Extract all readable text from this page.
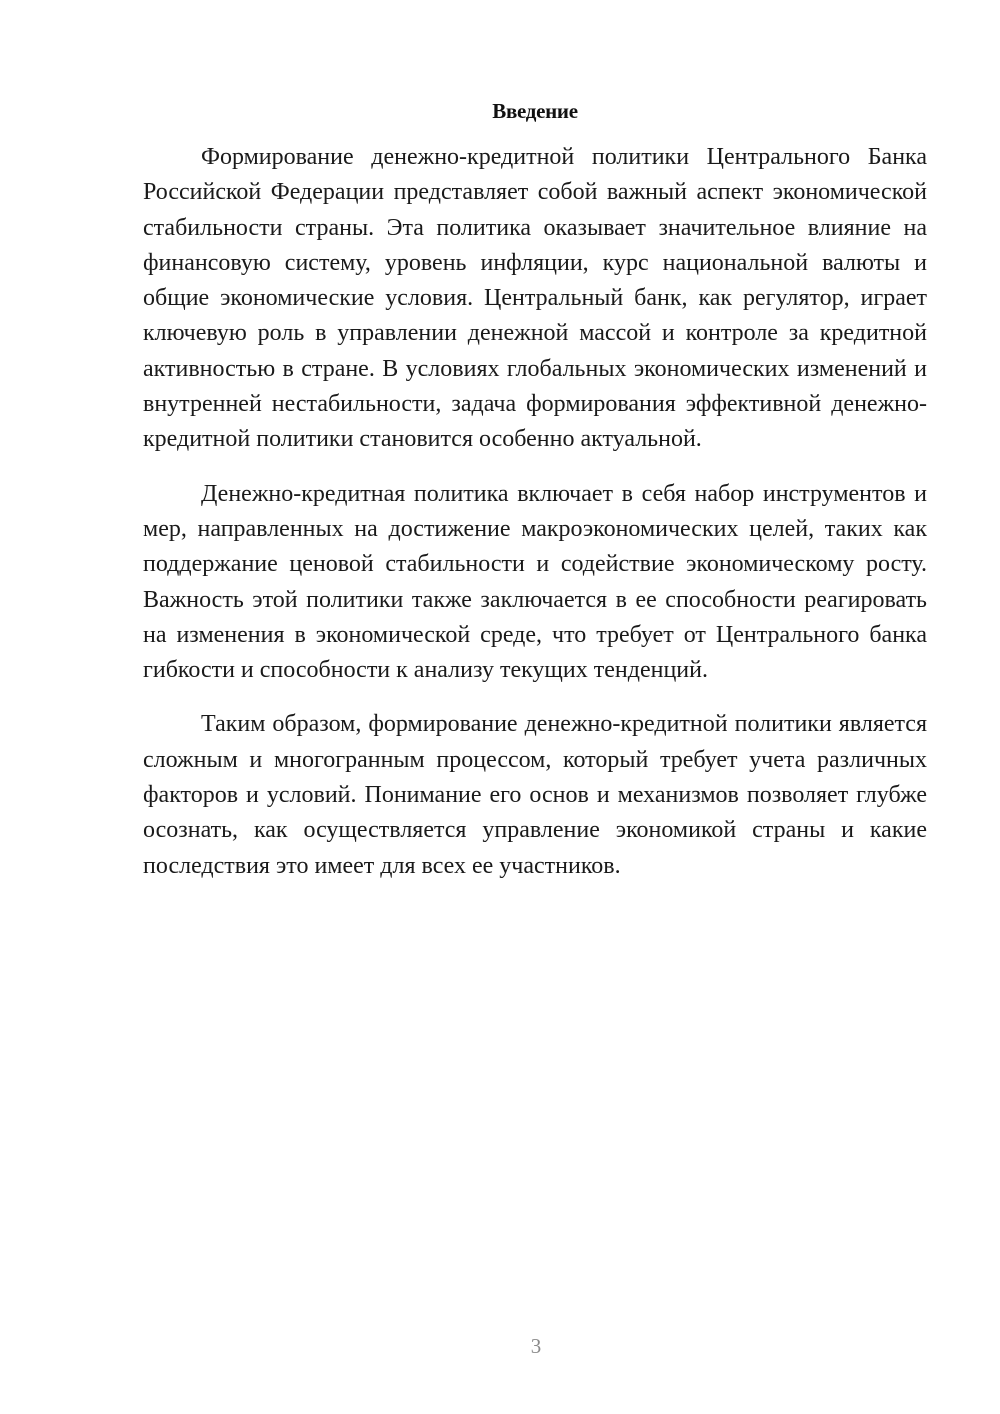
Введение

Формирование денежно-кредитной политики Центрального Банка Российской Федерации представляет собой важный аспект экономической стабильности страны. Эта политика оказывает значительное влияние на финансовую систему, уровень инфляции, курс национальной валюты и общие экономические условия. Центральный банк, как регулятор, играет ключевую роль в управлении денежной массой и контроле за кредитной активностью в стране. В условиях глобальных экономических изменений и внутренней нестабильности, задача формирования эффективной денежно-кредитной политики становится особенно актуальной.

Денежно-кредитная политика включает в себя набор инструментов и мер, направленных на достижение макроэкономических целей, таких как поддержание ценовой стабильности и содействие экономическому росту. Важность этой политики также заключается в ее способности реагировать на изменения в экономической среде, что требует от Центрального банка гибкости и способности к анализу текущих тенденций.

Таким образом, формирование денежно-кредитной политики является сложным и многогранным процессом, который требует учета различных факторов и условий. Понимание его основ и механизмов позволяет глубже осознать, как осуществляется управление экономикой страны и какие последствия это имеет для всех ее участников.

3
